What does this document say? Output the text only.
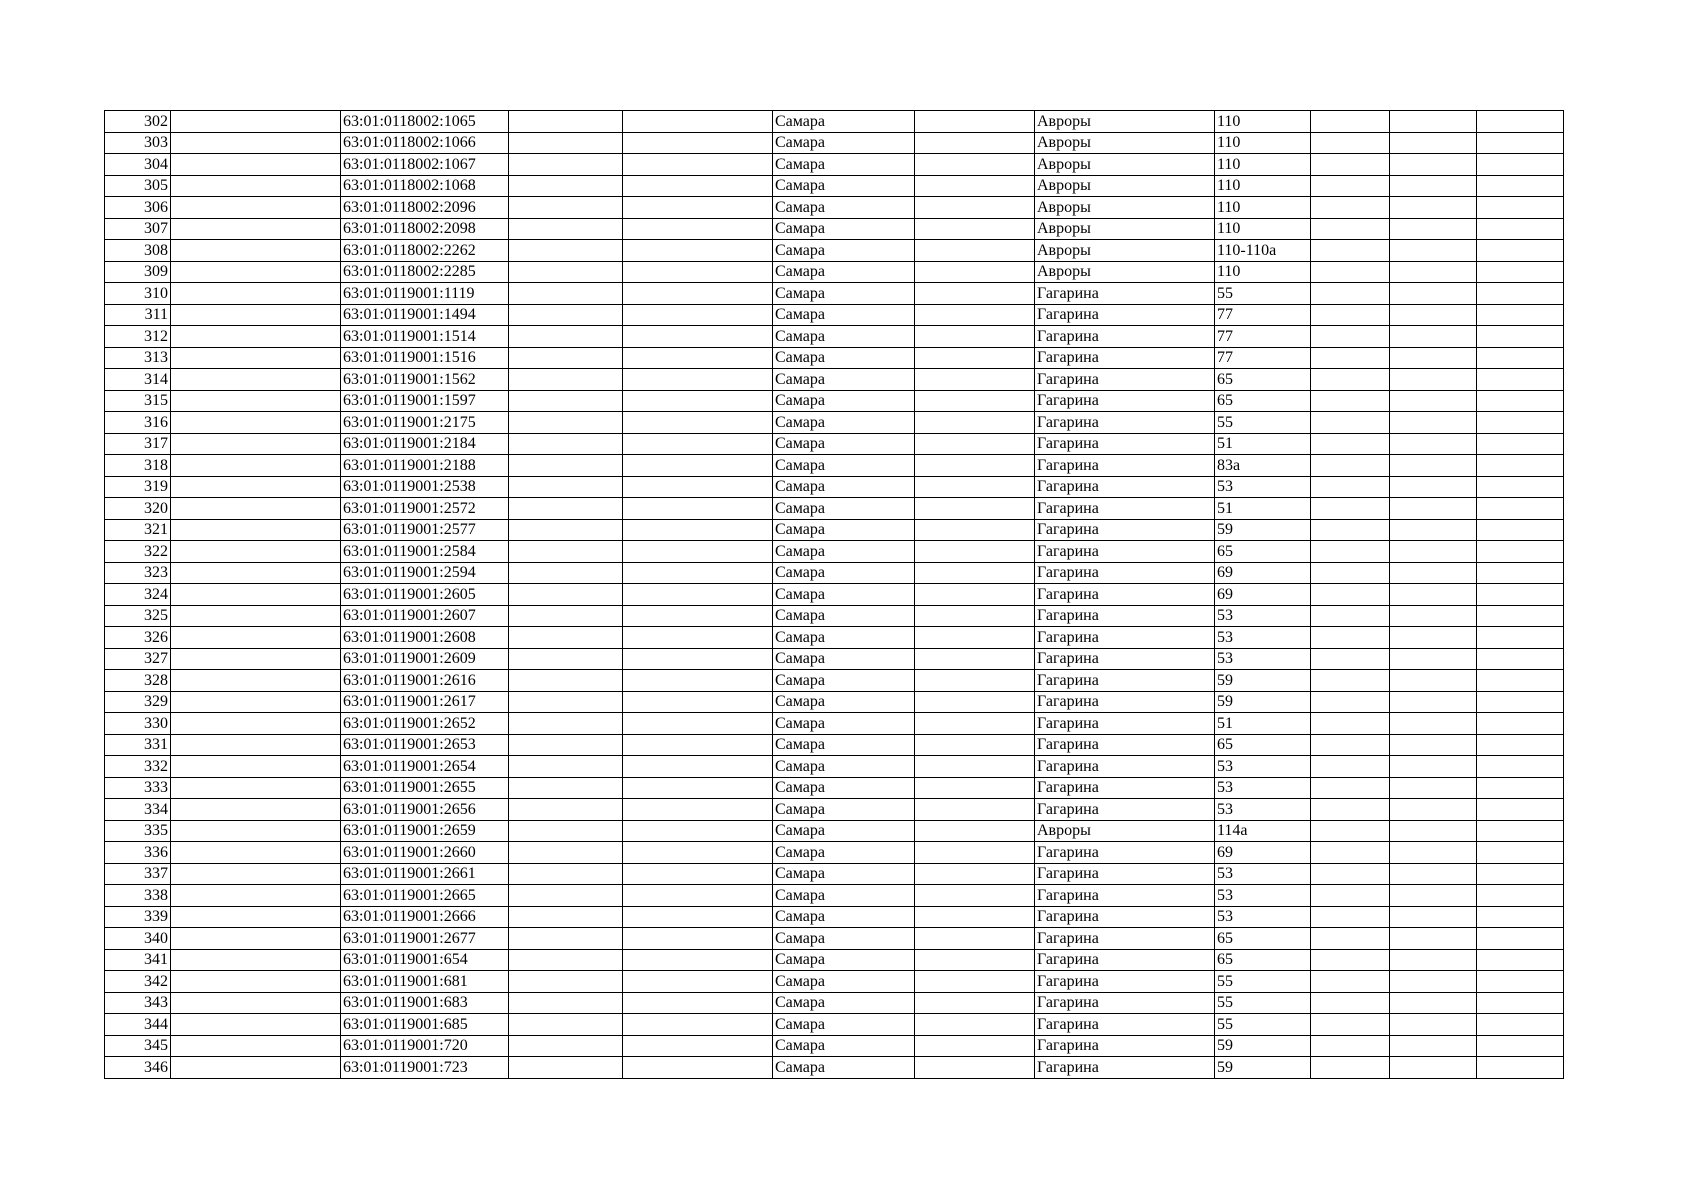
302		63:01:0118002:1065			Самара		Авроры	110			
303		63:01:0118002:1066			Самара		Авроры	110			
304		63:01:0118002:1067			Самара		Авроры	110			
305		63:01:0118002:1068			Самара		Авроры	110			
306		63:01:0118002:2096			Самара		Авроры	110			
307		63:01:0118002:2098			Самара		Авроры	110			
308		63:01:0118002:2262			Самара		Авроры	110-110а			
309		63:01:0118002:2285			Самара		Авроры	110			
310		63:01:0119001:1119			Самара		Гагарина	55			
311		63:01:0119001:1494			Самара		Гагарина	77			
312		63:01:0119001:1514			Самара		Гагарина	77			
313		63:01:0119001:1516			Самара		Гагарина	77			
314		63:01:0119001:1562			Самара		Гагарина	65			
315		63:01:0119001:1597			Самара		Гагарина	65			
316		63:01:0119001:2175			Самара		Гагарина	55			
317		63:01:0119001:2184			Самара		Гагарина	51			
318		63:01:0119001:2188			Самара		Гагарина	83а			
319		63:01:0119001:2538			Самара		Гагарина	53			
320		63:01:0119001:2572			Самара		Гагарина	51			
321		63:01:0119001:2577			Самара		Гагарина	59			
322		63:01:0119001:2584			Самара		Гагарина	65			
323		63:01:0119001:2594			Самара		Гагарина	69			
324		63:01:0119001:2605			Самара		Гагарина	69			
325		63:01:0119001:2607			Самара		Гагарина	53			
326		63:01:0119001:2608			Самара		Гагарина	53			
327		63:01:0119001:2609			Самара		Гагарина	53			
328		63:01:0119001:2616			Самара		Гагарина	59			
329		63:01:0119001:2617			Самара		Гагарина	59			
330		63:01:0119001:2652			Самара		Гагарина	51			
331		63:01:0119001:2653			Самара		Гагарина	65			
332		63:01:0119001:2654			Самара		Гагарина	53			
333		63:01:0119001:2655			Самара		Гагарина	53			
334		63:01:0119001:2656			Самара		Гагарина	53			
335		63:01:0119001:2659			Самара		Авроры	114а			
336		63:01:0119001:2660			Самара		Гагарина	69			
337		63:01:0119001:2661			Самара		Гагарина	53			
338		63:01:0119001:2665			Самара		Гагарина	53			
339		63:01:0119001:2666			Самара		Гагарина	53			
340		63:01:0119001:2677			Самара		Гагарина	65			
341		63:01:0119001:654			Самара		Гагарина	65			
342		63:01:0119001:681			Самара		Гагарина	55			
343		63:01:0119001:683			Самара		Гагарина	55			
344		63:01:0119001:685			Самара		Гагарина	55			
345		63:01:0119001:720			Самара		Гагарина	59			
346		63:01:0119001:723			Самара		Гагарина	59			
